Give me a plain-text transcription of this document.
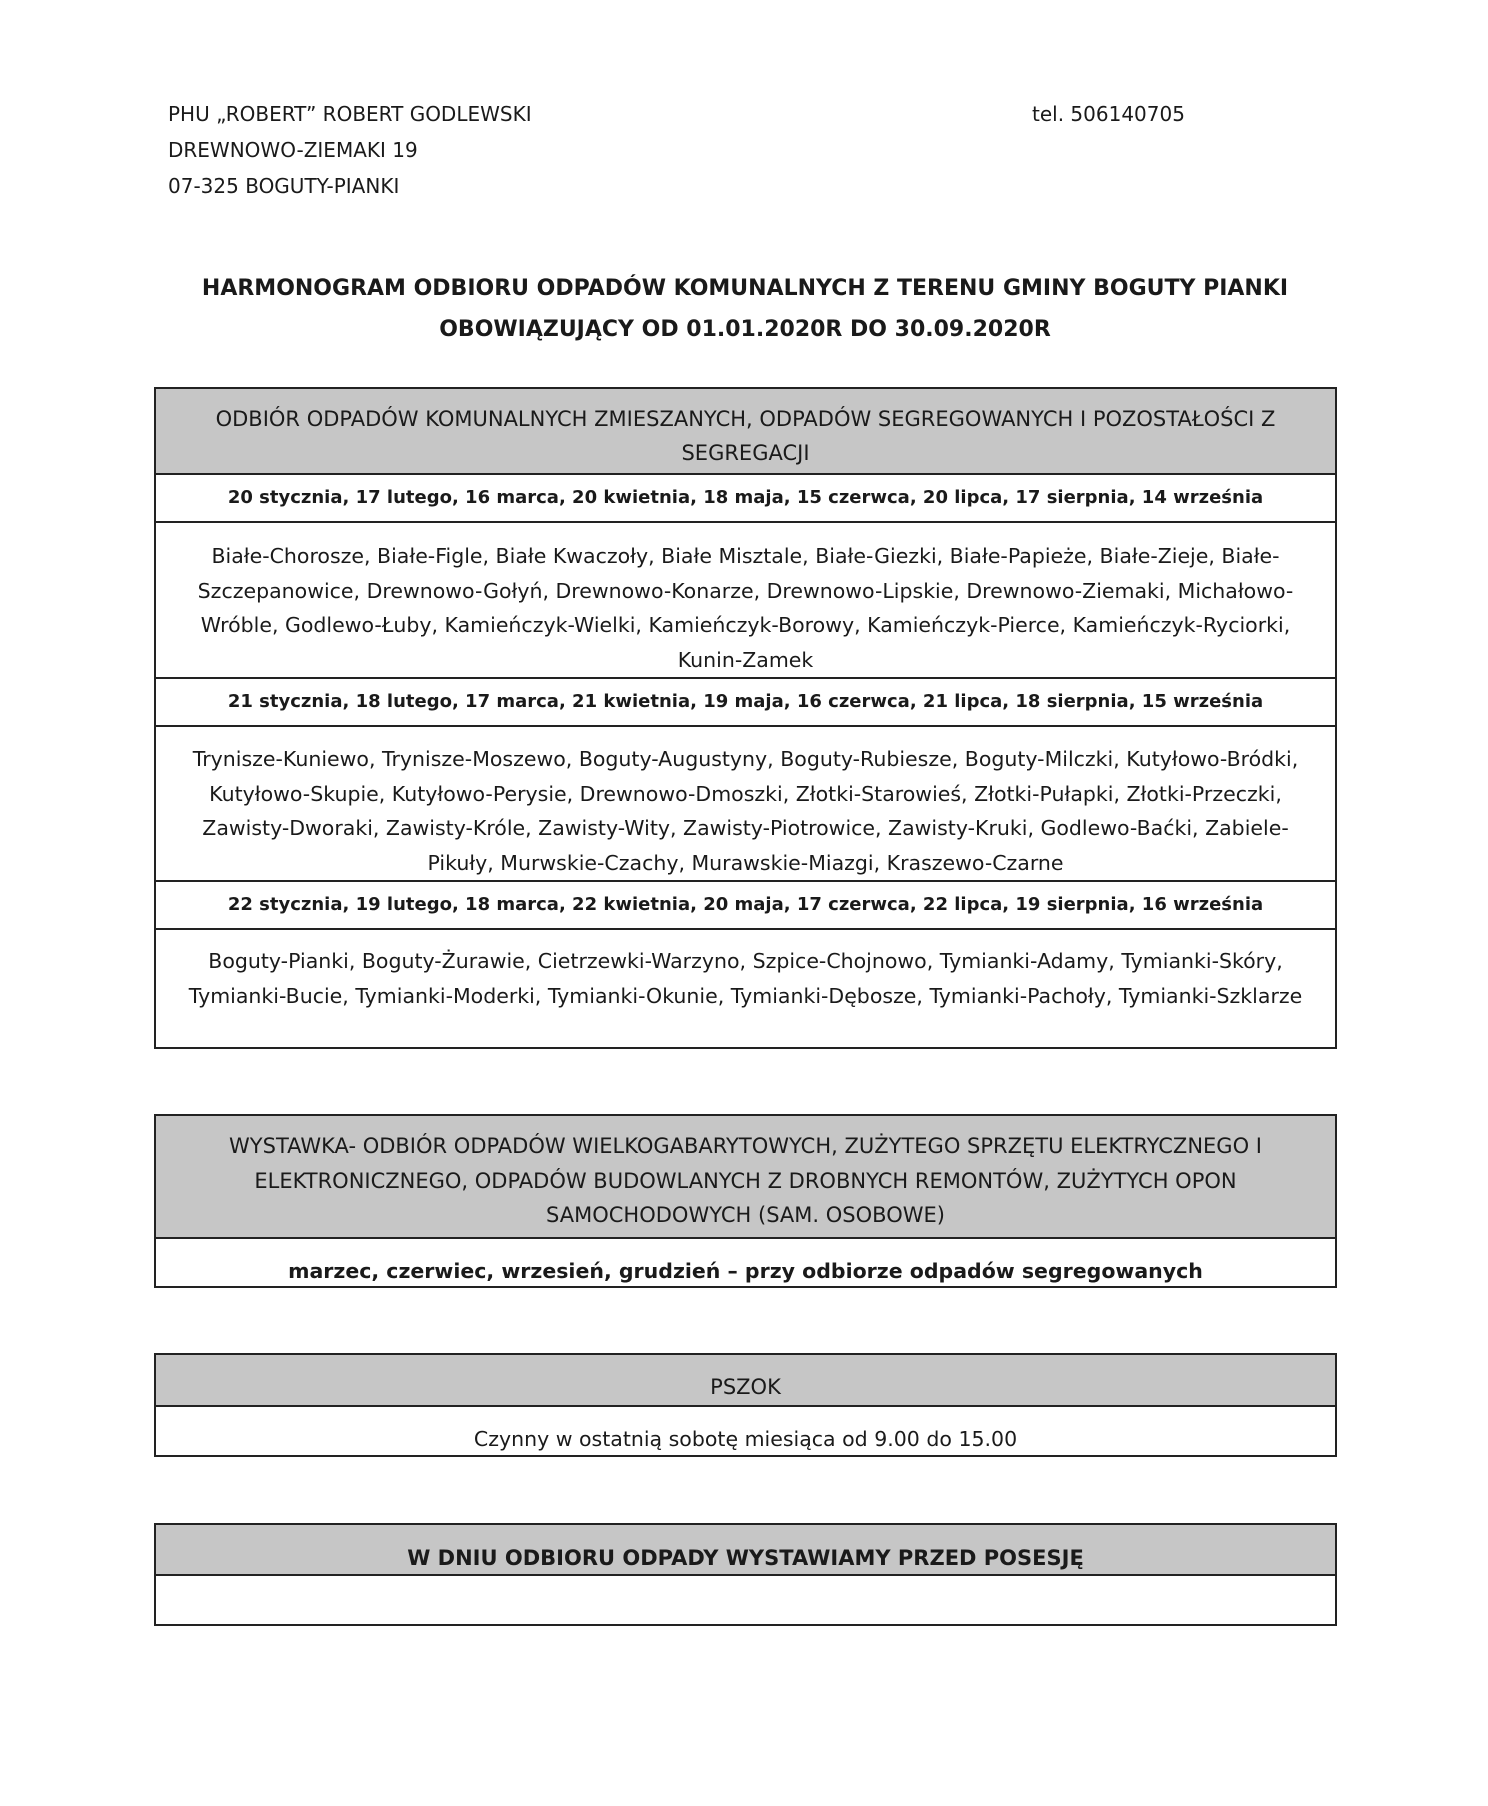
PHU „ROBERT” ROBERT GODLEWSKI
DREWNOWO-ZIEMAKI 19
07-325 BOGUTY-PIANKI
tel. 506140705
HARMONOGRAM ODBIORU ODPADÓW KOMUNALNYCH Z TERENU GMINY BOGUTY PIANKI
OBOWIĄZUJĄCY OD 01.01.2020R DO 30.09.2020R
ODBIÓR ODPADÓW KOMUNALNYCH ZMIESZANYCH, ODPADÓW SEGREGOWANYCH I POZOSTAŁOŚCI Z SEGREGACJI
20 stycznia, 17 lutego, 16 marca, 20 kwietnia, 18 maja, 15 czerwca, 20 lipca, 17 sierpnia, 14 września
Białe-Chorosze, Białe-Figle, Białe Kwaczoły, Białe Misztale, Białe-Giezki, Białe-Papieże, Białe-Zieje, Białe-Szczepanowice, Drewnowo-Gołyń, Drewnowo-Konarze, Drewnowo-Lipskie, Drewnowo-Ziemaki, Michałowo-Wróble, Godlewo-Łuby, Kamieńczyk-Wielki, Kamieńczyk-Borowy, Kamieńczyk-Pierce, Kamieńczyk-Ryciorki, Kunin-Zamek
21 stycznia, 18 lutego, 17 marca, 21 kwietnia, 19 maja, 16 czerwca, 21 lipca, 18 sierpnia, 15 września
Trynisze-Kuniewo, Trynisze-Moszewo, Boguty-Augustyny, Boguty-Rubiesze, Boguty-Milczki, Kutyłowo-Bródki, Kutyłowo-Skupie, Kutyłowo-Perysie, Drewnowo-Dmoszki, Złotki-Starowieś, Złotki-Pułapki, Złotki-Przeczki, Zawisty-Dworaki, Zawisty-Króle, Zawisty-Wity, Zawisty-Piotrowice, Zawisty-Kruki, Godlewo-Baćki, Zabiele-Pikuły, Murwskie-Czachy, Murawskie-Miazgi, Kraszewo-Czarne
22 stycznia, 19 lutego, 18 marca, 22 kwietnia, 20 maja, 17 czerwca, 22 lipca, 19 sierpnia, 16 września
Boguty-Pianki, Boguty-Żurawie, Cietrzewki-Warzyno, Szpice-Chojnowo, Tymianki-Adamy, Tymianki-Skóry, Tymianki-Bucie, Tymianki-Moderki, Tymianki-Okunie, Tymianki-Dębosze, Tymianki-Pachoły, Tymianki-Szklarze
WYSTAWKA- ODBIÓR ODPADÓW WIELKOGABARYTOWYCH, ZUŻYTEGO SPRZĘTU ELEKTRYCZNEGO I ELEKTRONICZNEGO, ODPADÓW BUDOWLANYCH Z DROBNYCH REMONTÓW, ZUŻYTYCH OPON SAMOCHODOWYCH (SAM. OSOBOWE)
marzec, czerwiec, wrzesień, grudzień – przy odbiorze odpadów segregowanych
PSZOK
Czynny w ostatnią sobotę miesiąca od 9.00 do 15.00
W DNIU ODBIORU ODPADY WYSTAWIAMY PRZED POSESJĘ
